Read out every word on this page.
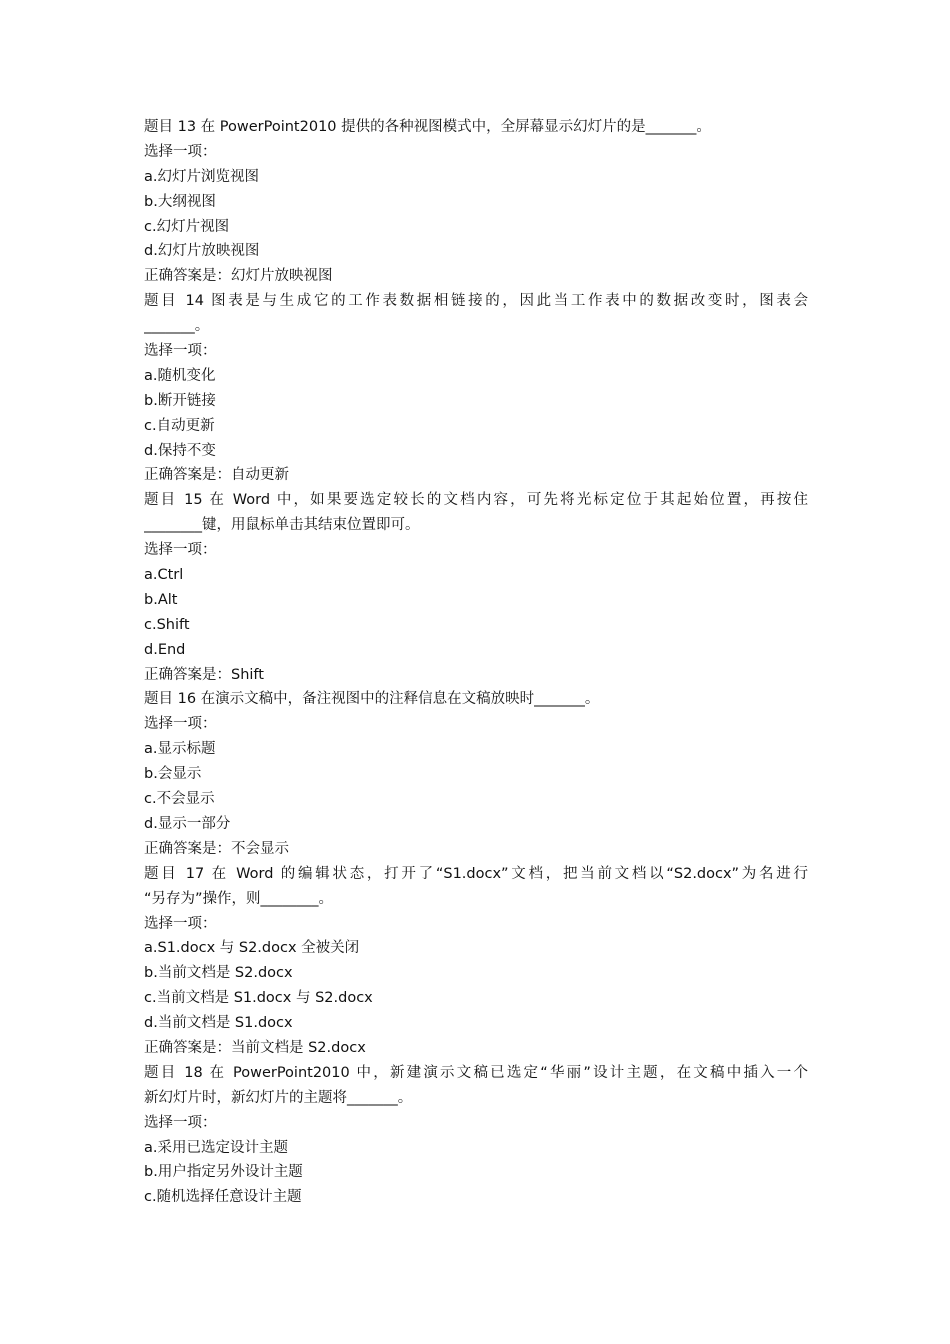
题目 13 在 PowerPoint2010 提供的各种视图模式中，全屏幕显示幻灯片的是_______。
选择一项：
a.幻灯片浏览视图
b.大纲视图
c.幻灯片视图
d.幻灯片放映视图
正确答案是：幻灯片放映视图
题目 14 图表是与生成它的工作表数据相链接的，因此当工作表中的数据改变时，图表会
_______。
选择一项：
a.随机变化
b.断开链接
c.自动更新
d.保持不变
正确答案是：自动更新
题目 15 在 Word 中，如果要选定较长的文档内容，可先将光标定位于其起始位置，再按住
________键，用鼠标单击其结束位置即可。
选择一项：
a.Ctrl
b.Alt
c.Shift
d.End
正确答案是：Shift
题目 16 在演示文稿中，备注视图中的注释信息在文稿放映时_______。
选择一项：
a.显示标题
b.会显示
c.不会显示
d.显示一部分
正确答案是：不会显示
题目 17 在 Word 的编辑状态，打开了“S1.docx”文档，把当前文档以“S2.docx”为名进行
“另存为”操作，则________。
选择一项：
a.S1.docx 与 S2.docx 全被关闭
b.当前文档是 S2.docx
c.当前文档是 S1.docx 与 S2.docx
d.当前文档是 S1.docx
正确答案是：当前文档是 S2.docx
题目 18 在 PowerPoint2010 中，新建演示文稿已选定“华丽”设计主题，在文稿中插入一个
新幻灯片时，新幻灯片的主题将_______。
选择一项：
a.采用已选定设计主题
b.用户指定另外设计主题
c.随机选择任意设计主题
